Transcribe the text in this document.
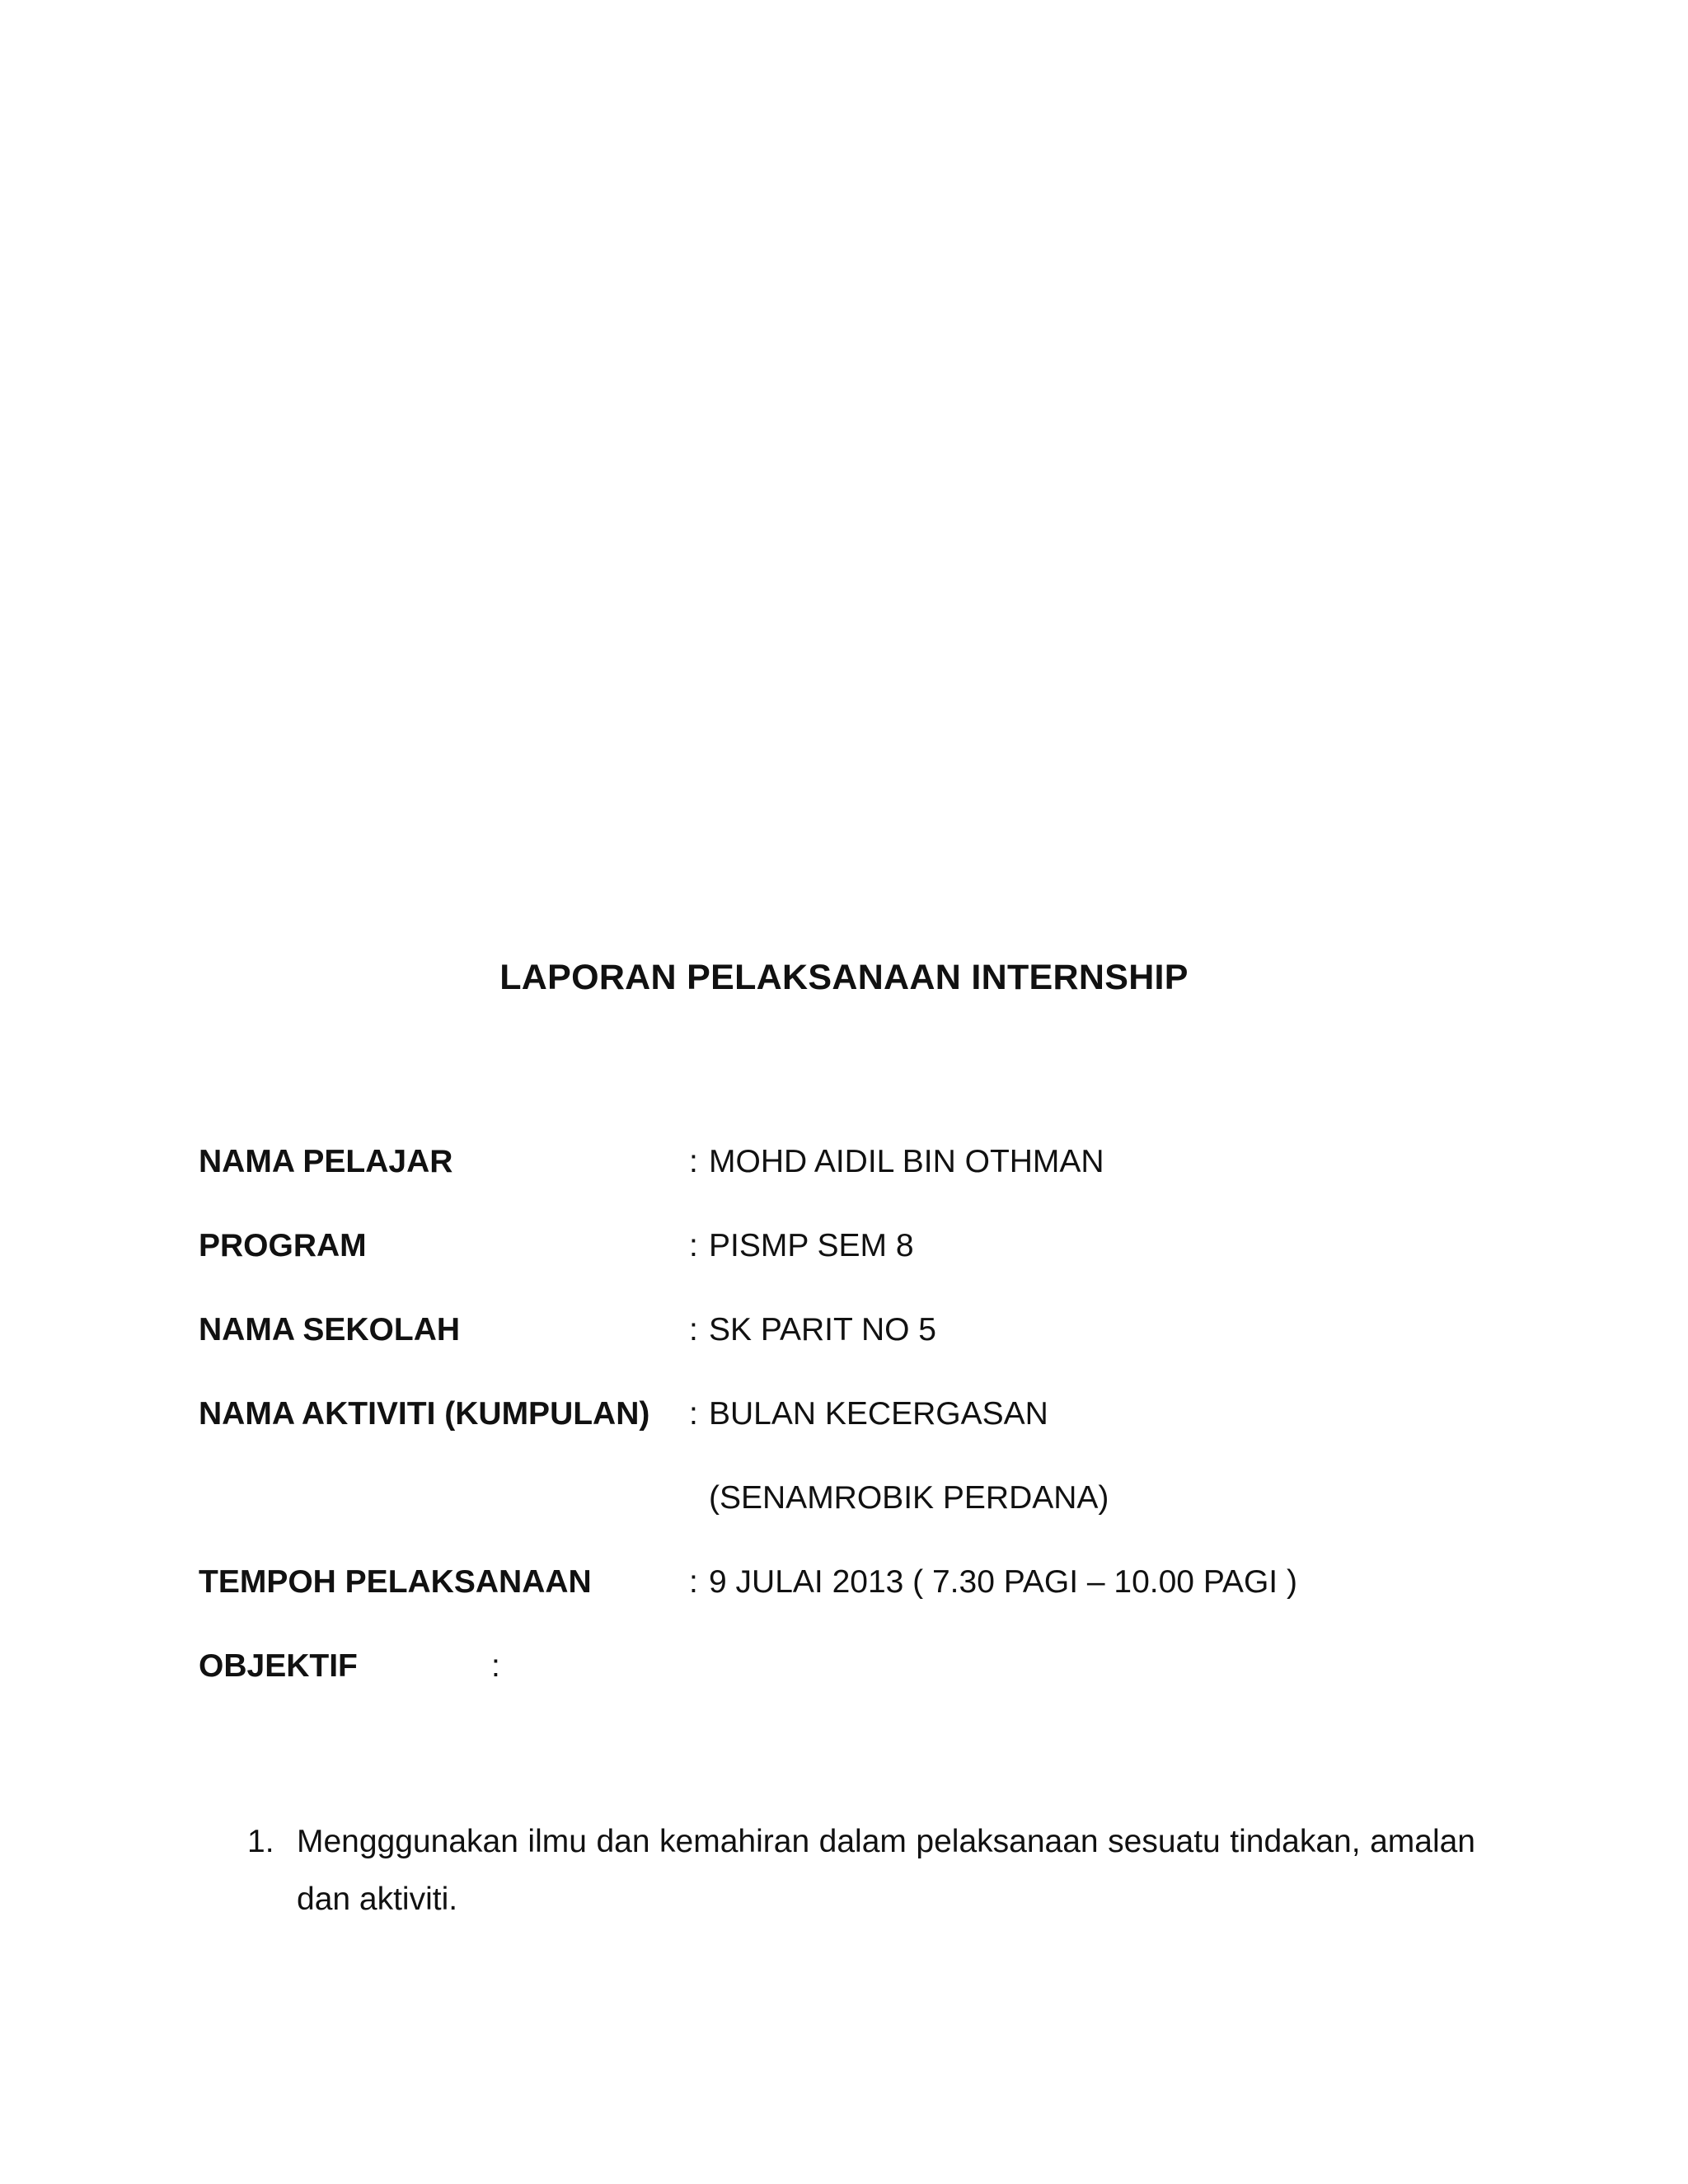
LAPORAN PELAKSANAAN INTERNSHIP
NAMA PELAJAR	: MOHD AIDIL BIN OTHMAN
PROGRAM	: PISMP SEM 8
NAMA SEKOLAH	: SK PARIT NO 5
NAMA AKTIVITI (KUMPULAN) : BULAN KECERGASAN
(SENAMROBIK PERDANA)
TEMPOH PELAKSANAAN	: 9 JULAI 2013 ( 7.30 PAGI – 10.00 PAGI )
OBJEKTIF	:
1. Mengggunakan ilmu dan kemahiran dalam pelaksanaan sesuatu tindakan, amalan dan aktiviti.
